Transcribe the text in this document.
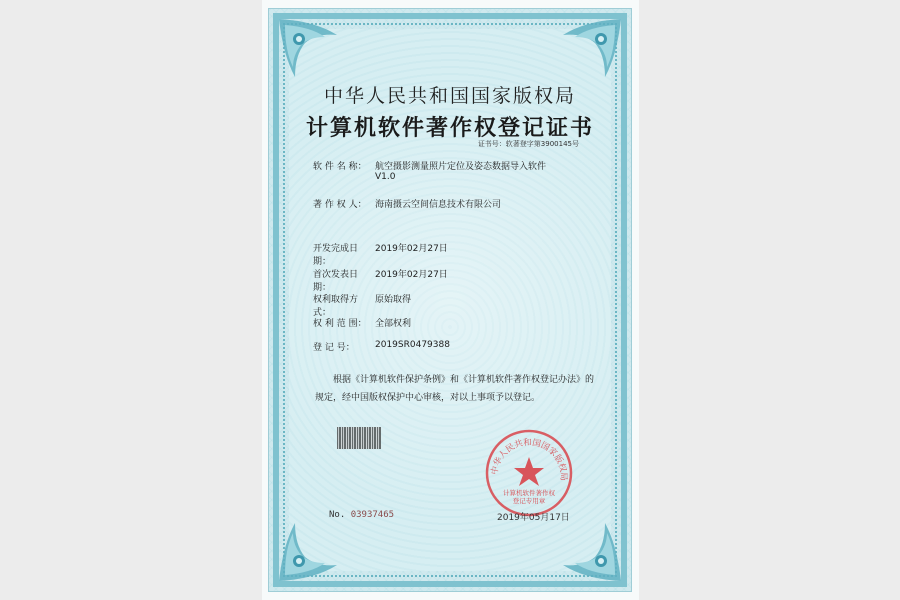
中华人民共和国国家版权局
计算机软件著作权登记证书
证书号：软著登字第3900145号
软 件 名 称： 航空摄影测量照片定位及姿态数据导入软件
V1.0
著 作 权 人： 海南摄云空间信息技术有限公司
开发完成日期：2019年02月27日
首次发表日期：2019年02月27日
权利取得方式：原始取得
权 利 范 围： 全部权利
登 记 号： 2019SR0479388
根据《计算机软件保护条例》和《计算机软件著作权登记办法》的
规定，经中国版权保护中心审核，对以上事项予以登记。
中华人民共和国国家版权局
计算机软件著作权
登记专用章
No. 03937465	2019年05月17日
